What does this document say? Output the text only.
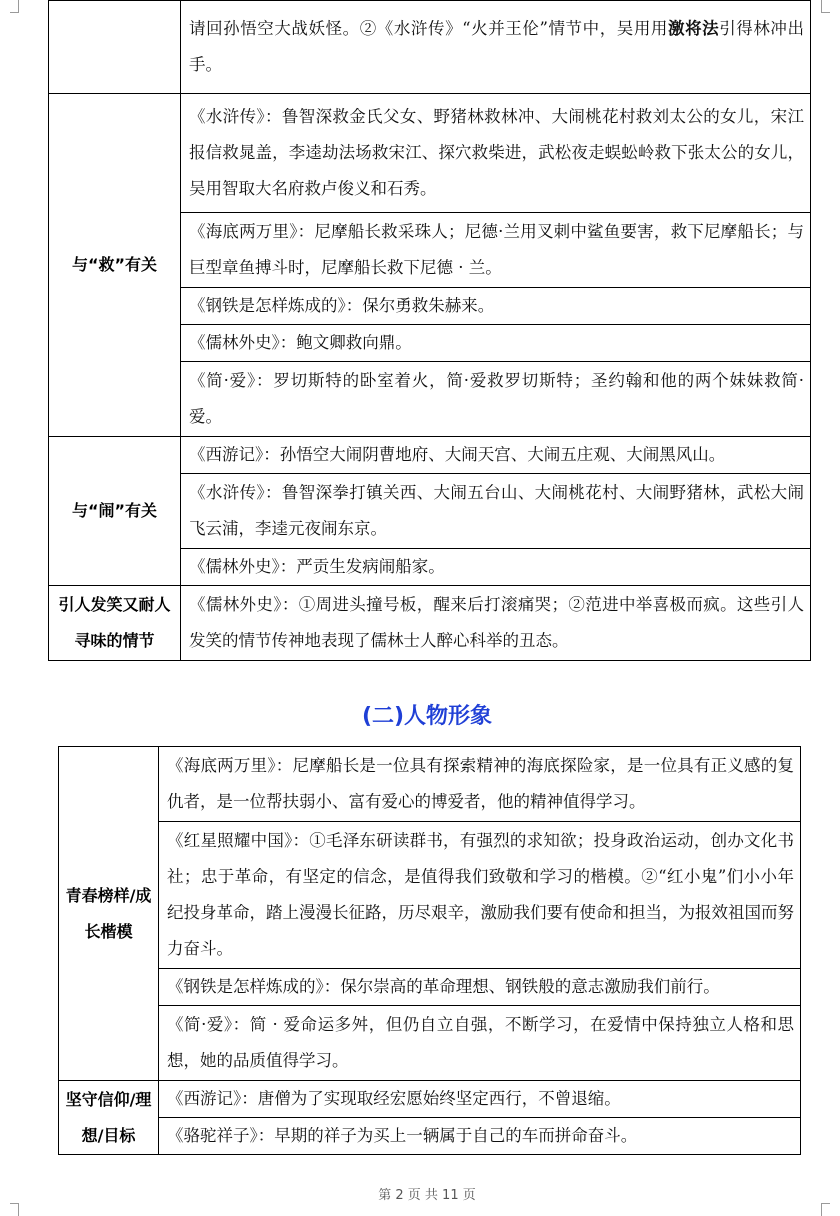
	请回孙悟空大战妖怪。②《水浒传》“火并王伦”情节中，吴用用激将法引得林冲出手。
与“救”有关	《水浒传》：鲁智深救金氏父女、野猪林救林冲、大闹桃花村救刘太公的女儿，宋江报信救晁盖，李逵劫法场救宋江、探穴救柴进，武松夜走蜈蚣岭救下张太公的女儿，吴用智取大名府救卢俊义和石秀。
	《海底两万里》：尼摩船长救采珠人；尼德·兰用叉刺中鲨鱼要害，救下尼摩船长；与巨型章鱼搏斗时，尼摩船长救下尼德 · 兰。
	《钢铁是怎样炼成的》：保尔勇救朱赫来。
	《儒林外史》：鲍文卿救向鼎。
	《简·爱》：罗切斯特的卧室着火，简·爱救罗切斯特；圣约翰和他的两个妹妹救简·爱。
与“闹”有关	《西游记》：孙悟空大闹阴曹地府、大闹天宫、大闹五庄观、大闹黑风山。
	《水浒传》：鲁智深拳打镇关西、大闹五台山、大闹桃花村、大闹野猪林，武松大闹飞云浦，李逵元夜闹东京。
	《儒林外史》：严贡生发病闹船家。
引人发笑又耐人寻味的情节	《儒林外史》：①周进头撞号板，醒来后打滚痛哭；②范进中举喜极而疯。这些引人发笑的情节传神地表现了儒林士人醉心科举的丑态。
(二)人物形象
青春榜样/成长楷模	《海底两万里》：尼摩船长是一位具有探索精神的海底探险家，是一位具有正义感的复仇者，是一位帮扶弱小、富有爱心的博爱者，他的精神值得学习。
	《红星照耀中国》：①毛泽东研读群书，有强烈的求知欲；投身政治运动，创办文化书社；忠于革命，有坚定的信念，是值得我们致敬和学习的楷模。②“红小鬼”们小小年纪投身革命，踏上漫漫长征路，历尽艰辛，激励我们要有使命和担当，为报效祖国而努力奋斗。
	《钢铁是怎样炼成的》：保尔崇高的革命理想、钢铁般的意志激励我们前行。
	《简·爱》：简 · 爱命运多舛，但仍自立自强，不断学习，在爱情中保持独立人格和思想，她的品质值得学习。
坚守信仰/理想/目标	《西游记》：唐僧为了实现取经宏愿始终坚定西行，不曾退缩。
	《骆驼祥子》：早期的祥子为买上一辆属于自己的车而拼命奋斗。
第 2 页 共 11 页
